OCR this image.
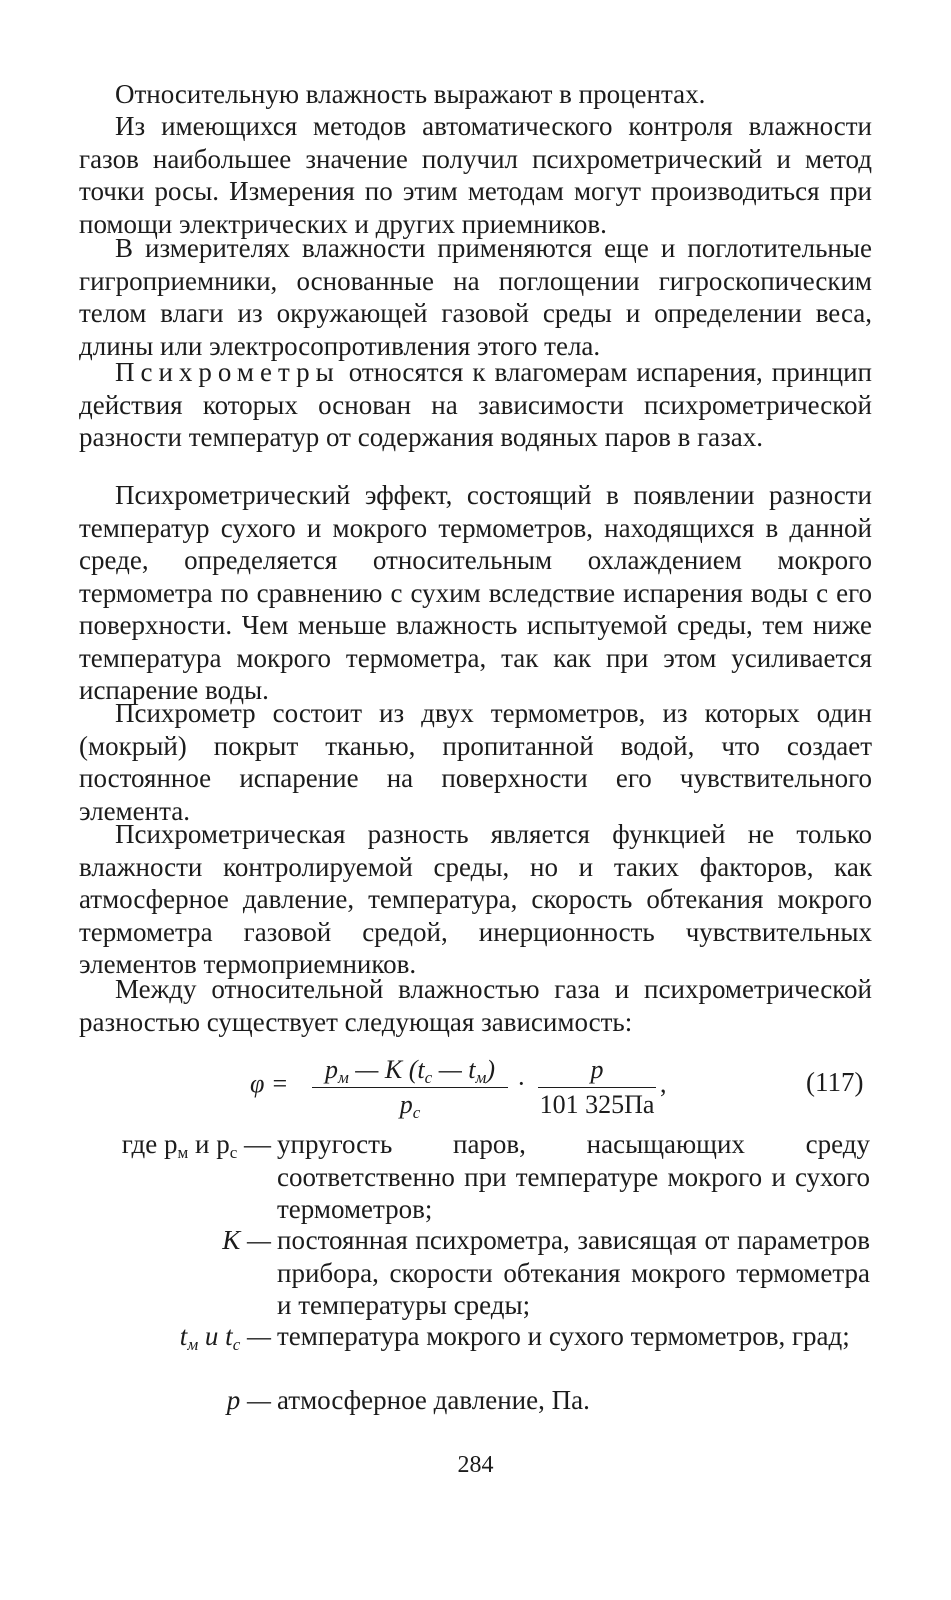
Относительную влажность выражают в процентах.

Из имеющихся методов автоматического контроля влажности газов наибольшее значение получил психрометрический и метод точки росы. Измерения по этим методам могут производиться при помощи электрических и других приемников.

В измерителях влажности применяются еще и поглотительные гигроприемники, основанные на поглощении гигроскопическим телом влаги из окружающей газовой среды и определении веса, длины или электросопротивления этого тела.

Психрометры относятся к влагомерам испарения, принцип действия которых основан на зависимости психрометрической разности температур от содержания водяных паров в газах.

Психрометрический эффект, состоящий в появлении разности температур сухого и мокрого термометров, находящихся в данной среде, определяется относительным охлаждением мокрого термометра по сравнению с сухим вследствие испарения воды с его поверхности. Чем меньше влажность испытуемой среды, тем ниже температура мокрого термометра, так как при этом усиливается испарение воды.

Психрометр состоит из двух термометров, из которых один (мокрый) покрыт тканью, пропитанной водой, что создает постоянное испарение на поверхности его чувствительного элемента.

Психрометрическая разность является функцией не только влажности контролируемой среды, но и таких факторов, как атмосферное давление, температура, скорость обтекания мокрого термометра газовой средой, инерционность чувствительных элементов термоприемников.

Между относительной влажностью газа и психрометрической разностью существует следующая зависимость:

φ =	$p_м$ — K ($t_с$ — $t_м$)
$p_с$
·	p
101 325Па
,	(117)
где $p_м$ и $p_с$ — упругость паров, насыщающих среду соответственно при температуре мокрого и сухого термометров;
K — постоянная психрометра, зависящая от параметров прибора, скорости обтекания мокрого термометра и температуры среды;
$t_м$ и $t_с$ — температура мокрого и сухого термометров, град;
p — атмосферное давление, Па.
284
